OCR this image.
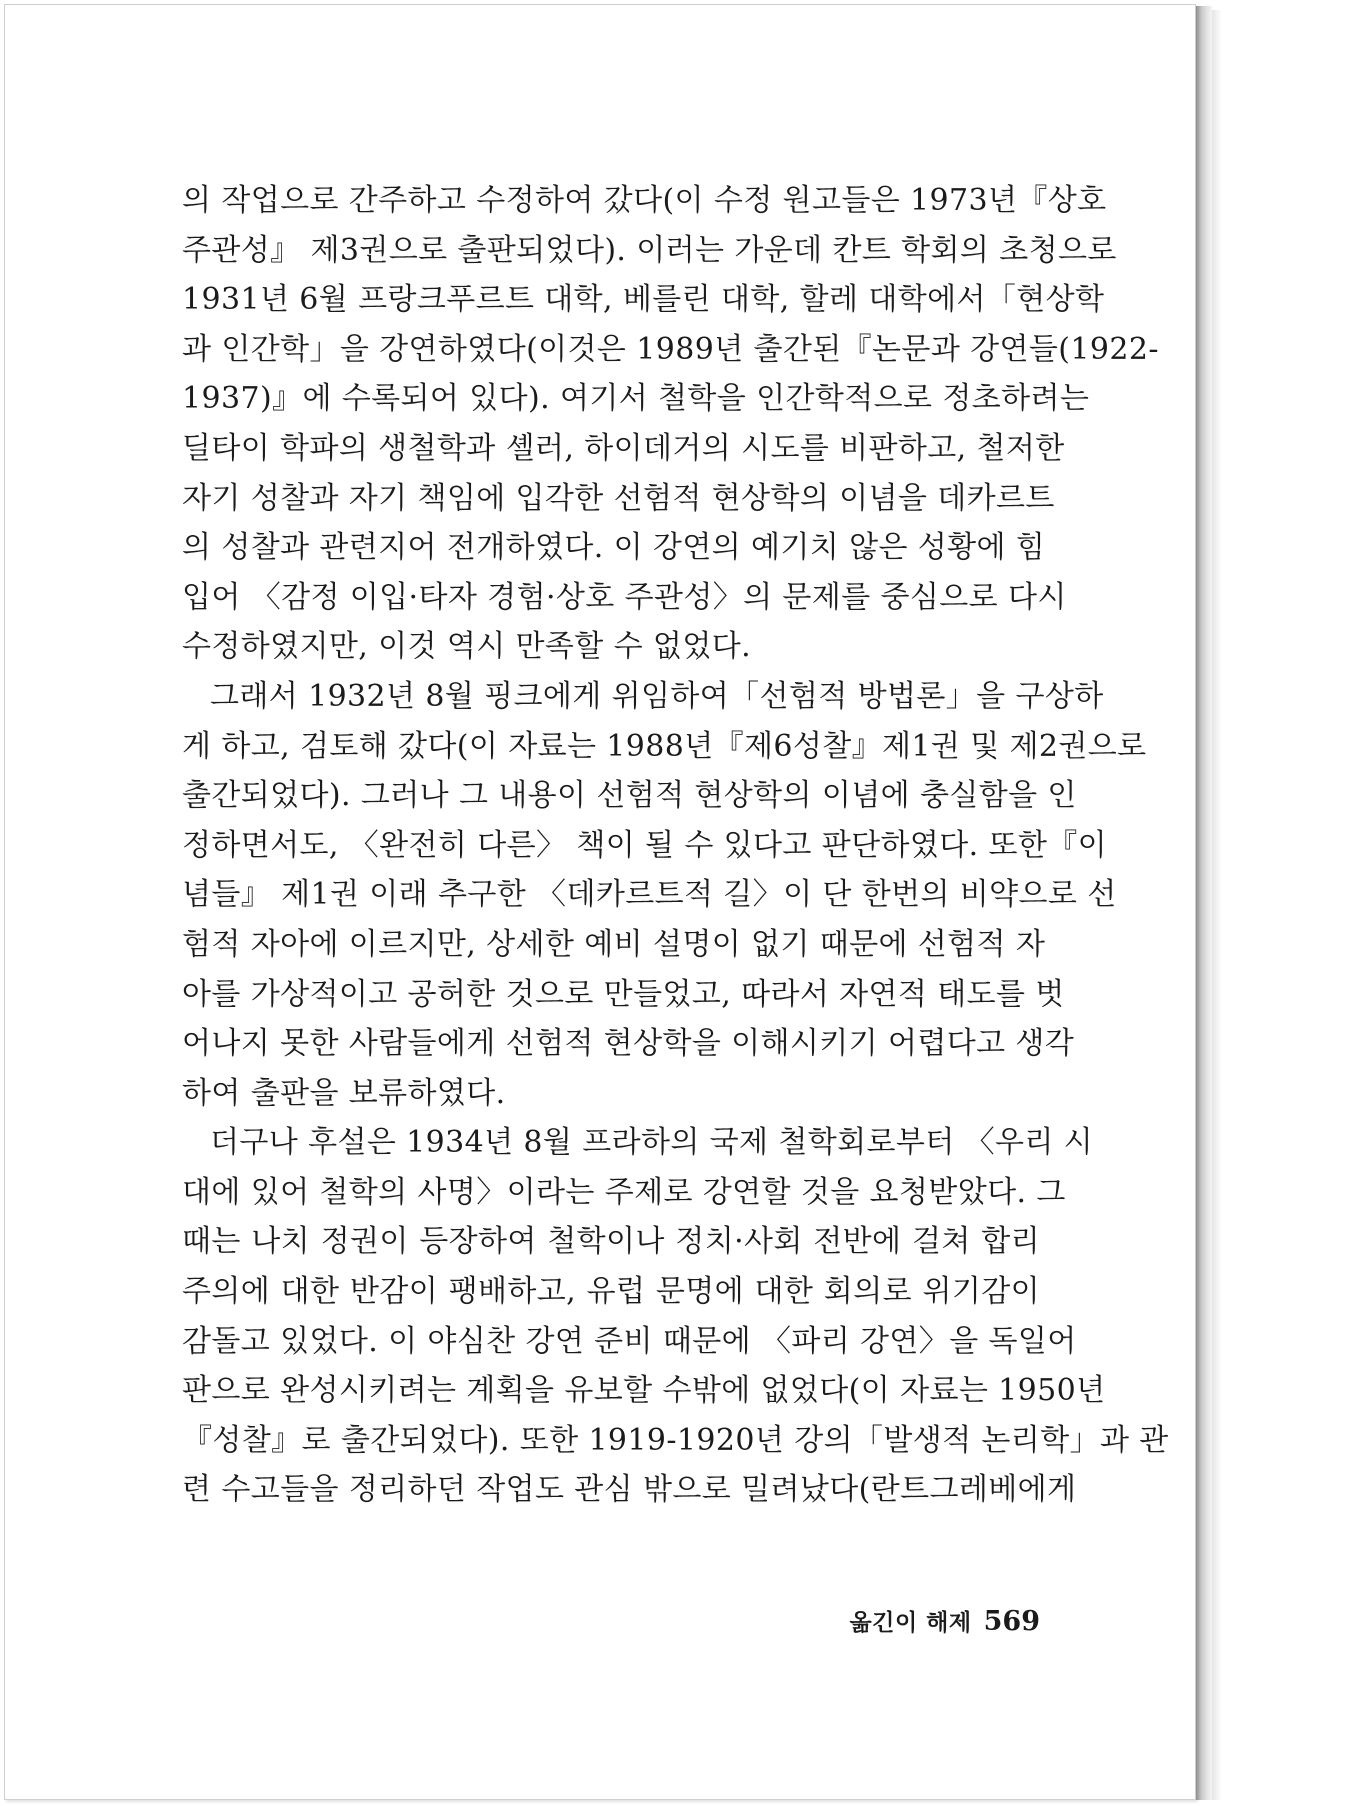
의 작업으로 간주하고 수정하여 갔다(이 수정 원고들은 1973년『상호
주관성』 제3권으로 출판되었다). 이러는 가운데 칸트 학회의 초청으로
1931년 6월 프랑크푸르트 대학, 베를린 대학, 할레 대학에서「현상학
과 인간학」을 강연하였다(이것은 1989년 출간된『논문과 강연들(1922-
1937)』에 수록되어 있다). 여기서 철학을 인간학적으로 정초하려는
딜타이 학파의 생철학과 셸러, 하이데거의 시도를 비판하고, 철저한
자기 성찰과 자기 책임에 입각한 선험적 현상학의 이념을 데카르트
의 성찰과 관련지어 전개하였다. 이 강연의 예기치 않은 성황에 힘
입어 〈감정 이입·타자 경험·상호 주관성〉의 문제를 중심으로 다시
수정하였지만, 이것 역시 만족할 수 없었다.
그래서 1932년 8월 핑크에게 위임하여「선험적 방법론」을 구상하
게 하고, 검토해 갔다(이 자료는 1988년『제6성찰』제1권 및 제2권으로
출간되었다). 그러나 그 내용이 선험적 현상학의 이념에 충실함을 인
정하면서도, 〈완전히 다른〉 책이 될 수 있다고 판단하였다. 또한『이
념들』 제1권 이래 추구한 〈데카르트적 길〉이 단 한번의 비약으로 선
험적 자아에 이르지만, 상세한 예비 설명이 없기 때문에 선험적 자
아를 가상적이고 공허한 것으로 만들었고, 따라서 자연적 태도를 벗
어나지 못한 사람들에게 선험적 현상학을 이해시키기 어렵다고 생각
하여 출판을 보류하였다.
더구나 후설은 1934년 8월 프라하의 국제 철학회로부터 〈우리 시
대에 있어 철학의 사명〉이라는 주제로 강연할 것을 요청받았다. 그
때는 나치 정권이 등장하여 철학이나 정치·사회 전반에 걸쳐 합리
주의에 대한 반감이 팽배하고, 유럽 문명에 대한 회의로 위기감이
감돌고 있었다. 이 야심찬 강연 준비 때문에 〈파리 강연〉을 독일어
판으로 완성시키려는 계획을 유보할 수밖에 없었다(이 자료는 1950년
『성찰』로 출간되었다). 또한 1919-1920년 강의「발생적 논리학」과 관
련 수고들을 정리하던 작업도 관심 밖으로 밀려났다(란트그레베에게
옮긴이 해제 569
